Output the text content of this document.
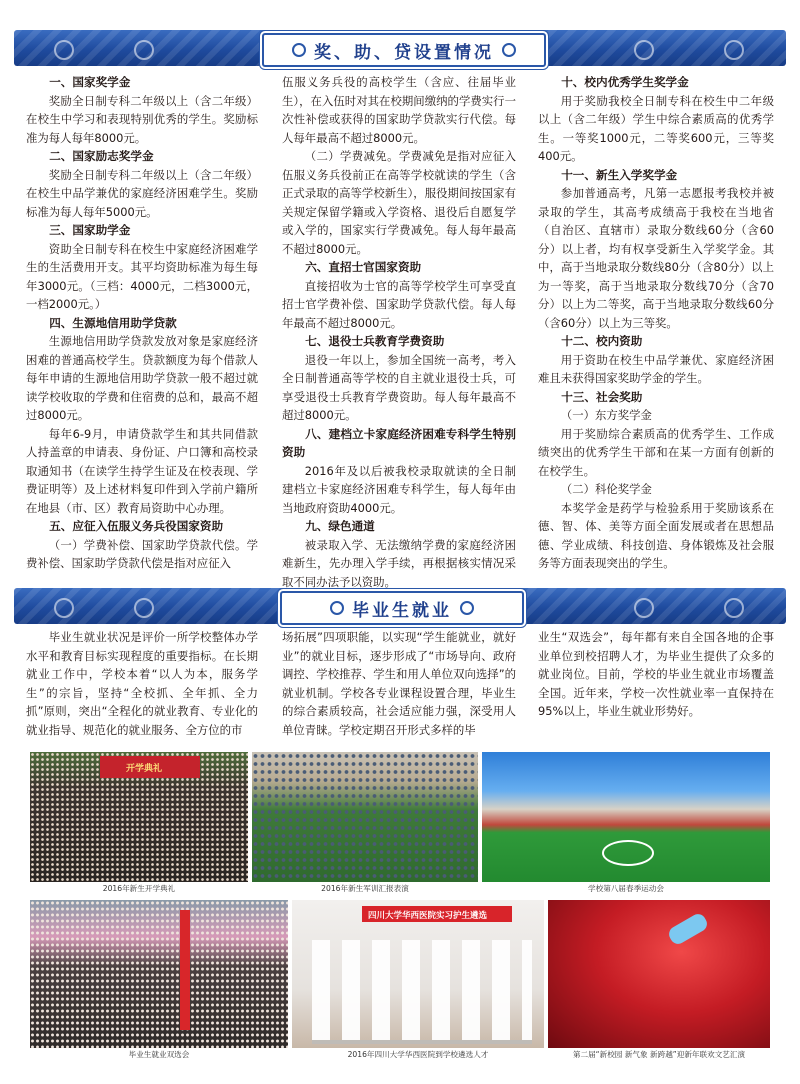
奖、助、贷设置情况
一、国家奖学金

奖励全日制专科二年级以上（含二年级）在校生中学习和表现特别优秀的学生。奖励标准为每人每年8000元。

二、国家励志奖学金

奖励全日制专科二年级以上（含二年级）在校生中品学兼优的家庭经济困难学生。奖励标准为每人每年5000元。

三、国家助学金

资助全日制专科在校生中家庭经济困难学生的生活费用开支。其平均资助标准为每生每年3000元。（三档：4000元，二档3000元，一档2000元。）

四、生源地信用助学贷款

生源地信用助学贷款发放对象是家庭经济困难的普通高校学生。贷款额度为每个借款人每年申请的生源地信用助学贷款一般不超过就读学校收取的学费和住宿费的总和，最高不超过8000元。

每年6-9月，申请贷款学生和其共同借款人持盖章的申请表、身份证、户口簿和高校录取通知书（在读学生持学生证及在校表现、学费证明等）及上述材料复印件到入学前户籍所在地县（市、区）教育局资助中心办理。

五、应征入伍服义务兵役国家资助

（一）学费补偿、国家助学贷款代偿。学费补偿、国家助学贷款代偿是指对应征入

伍服义务兵役的高校学生（含应、往届毕业生），在入伍时对其在校期间缴纳的学费实行一次性补偿或获得的国家助学贷款实行代偿。每人每年最高不超过8000元。

（二）学费减免。学费减免是指对应征入伍服义务兵役前正在高等学校就读的学生（含正式录取的高等学校新生），服役期间按国家有关规定保留学籍或入学资格、退役后自愿复学或入学的，国家实行学费减免。每人每年最高不超过8000元。

六、直招士官国家资助

直接招收为士官的高等学校学生可享受直招士官学费补偿、国家助学贷款代偿。每人每年最高不超过8000元。

七、退役士兵教育学费资助

退役一年以上，参加全国统一高考，考入全日制普通高等学校的自主就业退役士兵，可享受退役士兵教育学费资助。每人每年最高不超过8000元。

八、建档立卡家庭经济困难专科学生特别资助

2016年及以后被我校录取就读的全日制建档立卡家庭经济困难专科学生，每人每年由当地政府资助4000元。

九、绿色通道

被录取入学、无法缴纳学费的家庭经济困难新生，先办理入学手续，再根据核实情况采取不同办法予以资助。

十、校内优秀学生奖学金

用于奖励我校全日制专科在校生中二年级以上（含二年级）学生中综合素质高的优秀学生。一等奖1000元，二等奖600元，三等奖400元。

十一、新生入学奖学金

参加普通高考，凡第一志愿报考我校并被录取的学生，其高考成绩高于我校在当地省（自治区、直辖市）录取分数线60分（含60分）以上者，均有权享受新生入学奖学金。其中，高于当地录取分数线80分（含80分）以上为一等奖，高于当地录取分数线70分（含70分）以上为二等奖，高于当地录取分数线60分（含60分）以上为三等奖。

十二、校内资助

用于资助在校生中品学兼优、家庭经济困难且未获得国家奖助学金的学生。

十三、社会奖助

（一）东方奖学金

用于奖励综合素质高的优秀学生、工作成绩突出的优秀学生干部和在某一方面有创新的在校学生。

（二）科伦奖学金

本奖学金是药学与检验系用于奖励该系在德、智、体、美等方面全面发展或者在思想品德、学业成绩、科技创造、身体锻炼及社会服务等方面表现突出的学生。

毕业生就业

毕业生就业状况是评价一所学校整体办学水平和教育目标实现程度的重要指标。在长期就业工作中，学校本着“以人为本，服务学生”的宗旨，坚持“全校抓、全年抓、全力抓”原则，突出“全程化的就业教育、专业化的就业指导、规范化的就业服务、全方位的市

场拓展”四项职能，以实现“学生能就业，就好业”的就业目标，逐步形成了“市场导向、政府调控、学校推荐、学生和用人单位双向选择”的就业机制。学校各专业课程设置合理，毕业生的综合素质较高，社会适应能力强，深受用人单位青睐。学校定期召开形式多样的毕

业生“双选会”，每年都有来自全国各地的企事业单位到校招聘人才，为毕业生提供了众多的就业岗位。目前，学校的毕业生就业市场覆盖全国。近年来，学校一次性就业率一直保持在95%以上，毕业生就业形势好。

开学典礼
2016年新生开学典礼	2016年新生军训汇报表演	学校第八届春季运动会
毕业生就业双选会
四川大学华西医院实习护生遴选
2016年四川大学华西医院到学校遴选人才	第二届“新校园 新气象 新跨越”迎新年联欢文艺汇演
